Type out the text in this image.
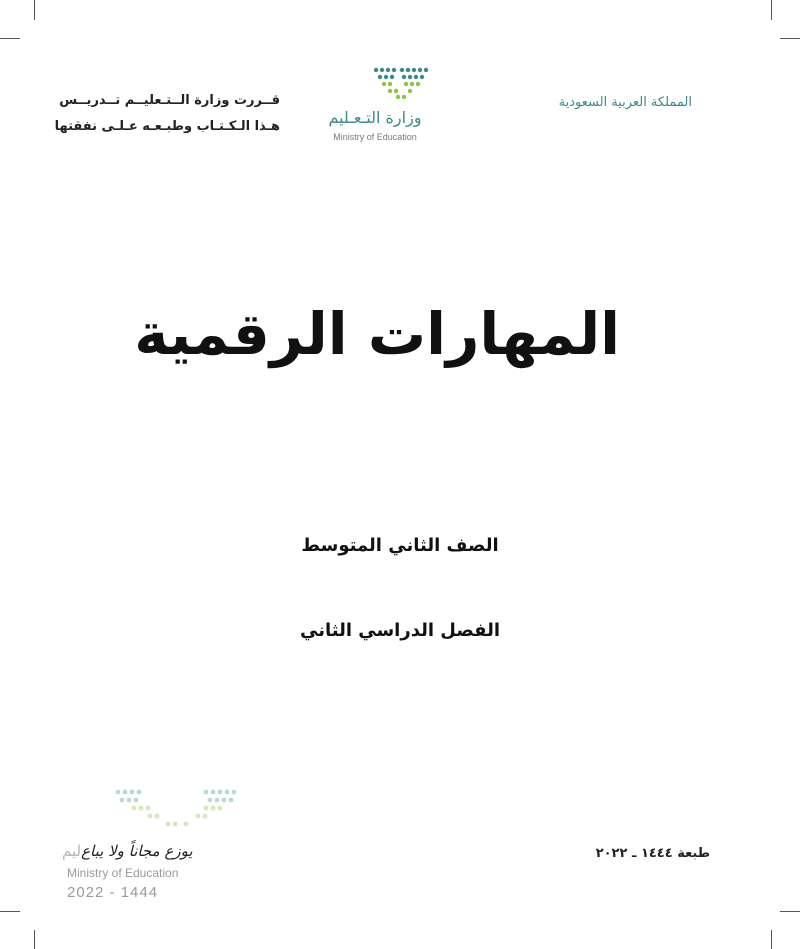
قــررت وزارة الــتـعليــم تــدريــس
هـذا الـكـتـاب وطبـعـه عـلـى نفقتها	وزارة التـعـليم
Ministry of Education
المملكة العربية السعودية
المهارات الرقمية
الصف الثاني المتوسط
الفصل الدراسي الثاني
ليميوزع مجاناً ولا يباع
Ministry of Education
2022 - 1444
طبعة ١٤٤٤ ـ ٢٠٢٢
